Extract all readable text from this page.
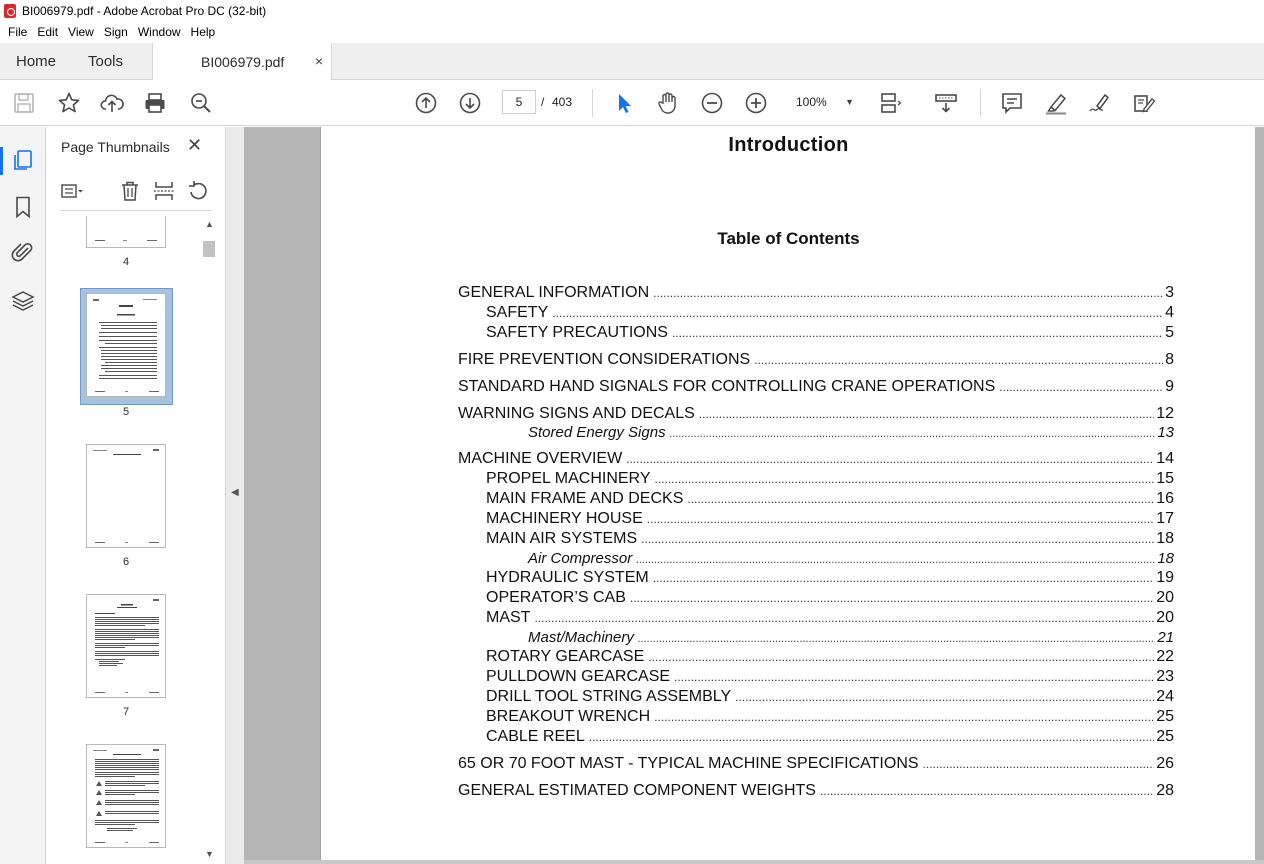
BI006979.pdf - Adobe Acrobat Pro DC (32-bit)
File Edit View Sign Window Help
Home Tools	BI006979.pdf ×
5
/ 403	100% ▼
Page Thumbnails ✕
▲
▼
4
5
6
7
◀
Introduction
Table of Contents
GENERAL INFORMATION .....	3
SAFETY .....	4
SAFETY PRECAUTIONS .....	5
FIRE PREVENTION CONSIDERATIONS .....	8
STANDARD HAND SIGNALS FOR CONTROLLING CRANE OPERATIONS .....	9
WARNING SIGNS AND DECALS .....	12
Stored Energy Signs .....	13
MACHINE OVERVIEW .....	14
PROPEL MACHINERY .....	15
MAIN FRAME AND DECKS .....	16
MACHINERY HOUSE .....	17
MAIN AIR SYSTEMS .....	18
Air Compressor .....	18
HYDRAULIC SYSTEM .....	19
OPERATOR’S CAB .....	20
MAST .....	20
Mast/Machinery .....	21
ROTARY GEARCASE .....	22
PULLDOWN GEARCASE .....	23
DRILL TOOL STRING ASSEMBLY .....	24
BREAKOUT WRENCH .....	25
CABLE REEL .....	25
65 OR 70 FOOT MAST - TYPICAL MACHINE SPECIFICATIONS .....	26
GENERAL ESTIMATED COMPONENT WEIGHTS .....	28
